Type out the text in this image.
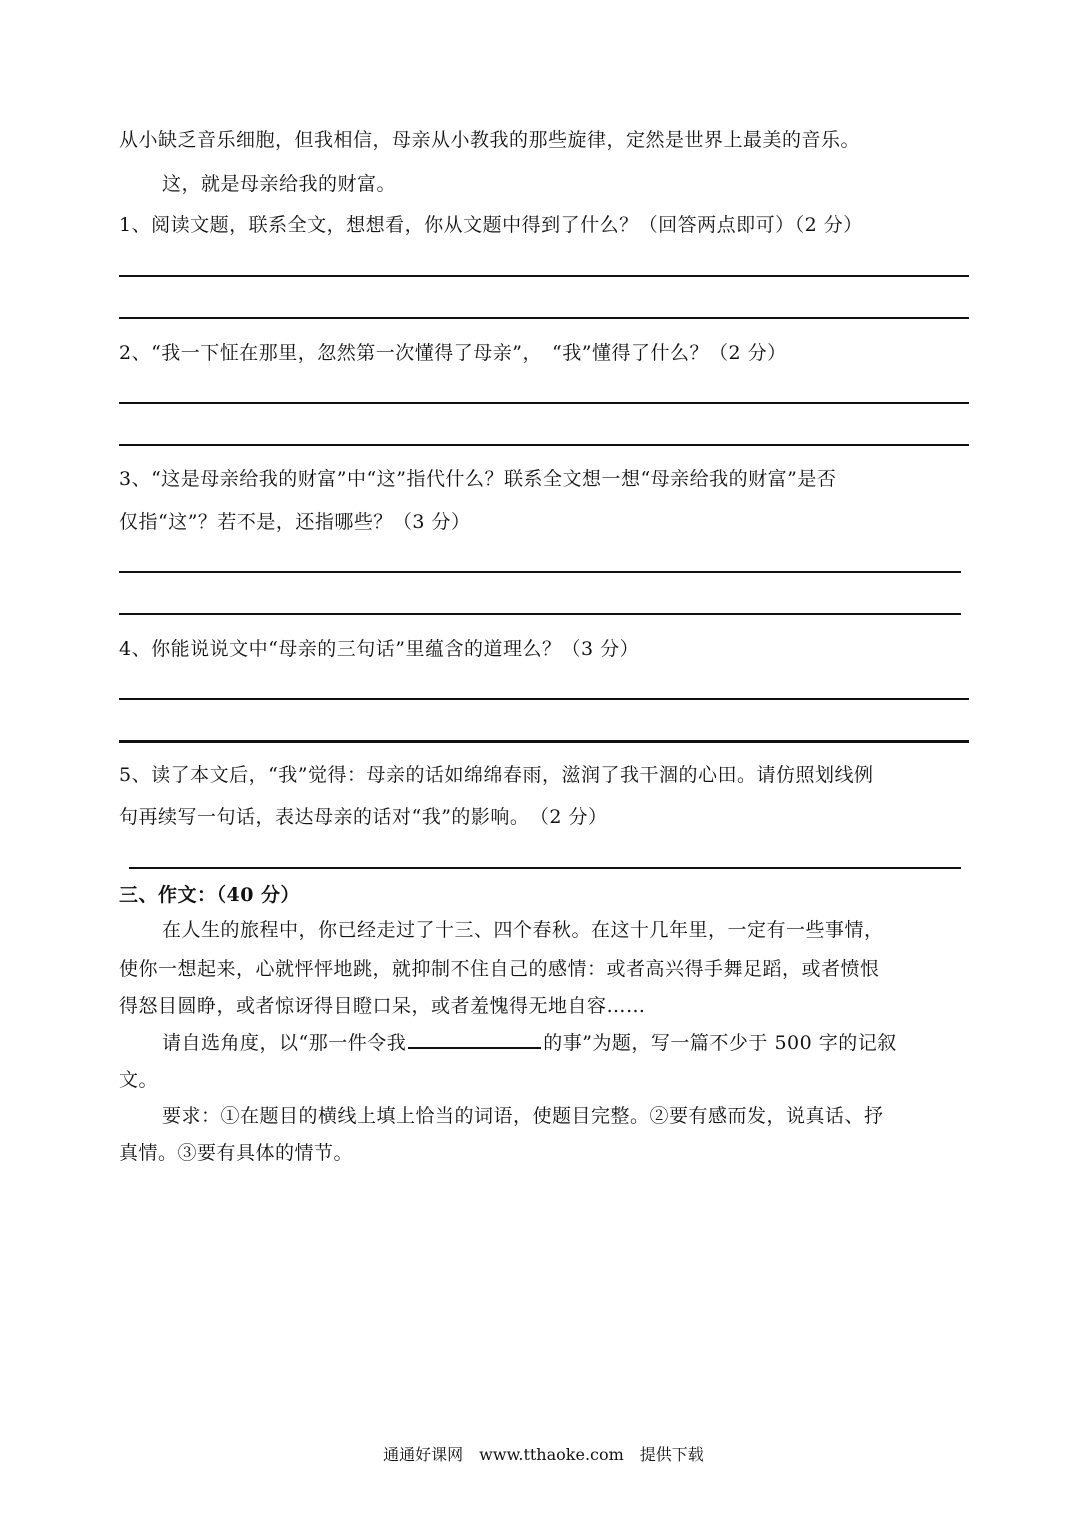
从小缺乏音乐细胞，但我相信，母亲从小教我的那些旋律，定然是世界上最美的音乐。
这，就是母亲给我的财富。
1、阅读文题，联系全文，想想看，你从文题中得到了什么？（回答两点即可）（2 分）
2、“我一下怔在那里，忽然第一次懂得了母亲”，　“我”懂得了什么？（2 分）
3、“这是母亲给我的财富”中“这”指代什么？联系全文想一想“母亲给我的财富”是否
仅指“这”？若不是，还指哪些？（3 分）
4、你能说说文中“母亲的三句话”里蕴含的道理么？（3 分）
5、读了本文后，“我”觉得：母亲的话如绵绵春雨，滋润了我干涸的心田。请仿照划线例
句再续写一句话，表达母亲的话对“我”的影响。　（2 分）
三、作文：（40 分）
在人生的旅程中，你已经走过了十三、四个春秋。在这十几年里，一定有一些事情，
使你一想起来，心就怦怦地跳，就抑制不住自己的感情：或者高兴得手舞足蹈，或者愤恨
得怒目圆睁，或者惊讶得目瞪口呆，或者羞愧得无地自容……
请自选角度，以“那一件令我	的事”为题，写一篇不少于 500 字的记叙
文。
要求：①在题目的横线上填上恰当的词语，使题目完整。②要有感而发，说真话、抒
真情。③要有具体的情节。
通通好课网　www.tthaoke.com　提供下载
